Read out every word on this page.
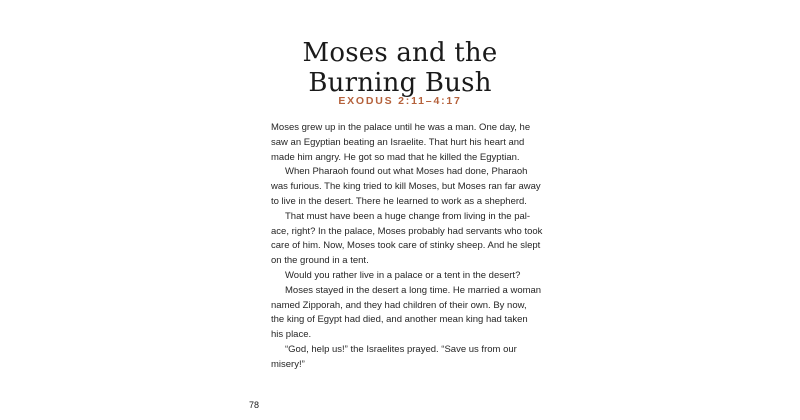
Moses and the
Burning Bush
EXODUS 2:11–4:17
Moses grew up in the palace until he was a man. One day, he
saw an Egyptian beating an Israelite. That hurt his heart and
made him angry. He got so mad that he killed the Egyptian.
When Pharaoh found out what Moses had done, Pharaoh
was furious. The king tried to kill Moses, but Moses ran far away
to live in the desert. There he learned to work as a shepherd.
That must have been a huge change from living in the pal-
ace, right? In the palace, Moses probably had servants who took
care of him. Now, Moses took care of stinky sheep. And he slept
on the ground in a tent.
Would you rather live in a palace or a tent in the desert?
Moses stayed in the desert a long time. He married a woman
named Zipporah, and they had children of their own. By now,
the king of Egypt had died, and another mean king had taken
his place.
“God, help us!” the Israelites prayed. “Save us from our
misery!”
78
